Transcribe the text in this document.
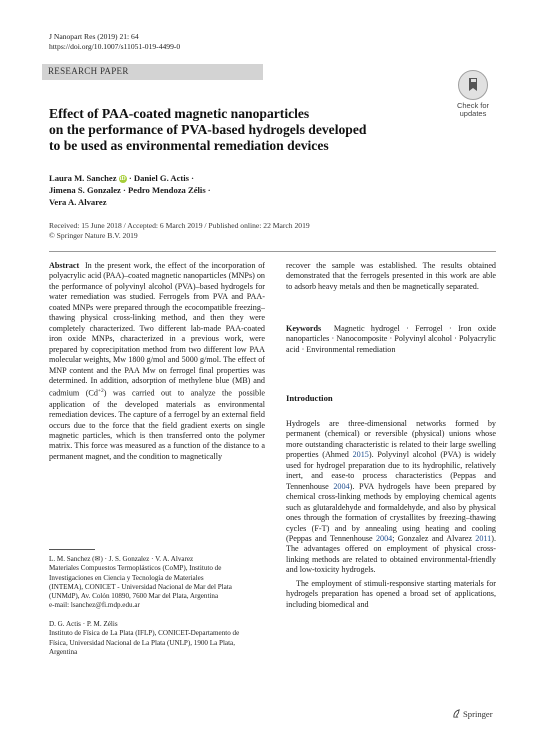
J Nanopart Res (2019) 21: 64
https://doi.org/10.1007/s11051-019-4499-0
RESEARCH PAPER
Check for
updates
Effect of PAA-coated magnetic nanoparticles
on the performance of PVA-based hydrogels developed
to be used as environmental remediation devices
Laura M. Sanchez iD · Daniel G. Actis ·
Jimena S. Gonzalez · Pedro Mendoza Zélis ·
Vera A. Alvarez
Received: 15 June 2018 / Accepted: 6 March 2019 / Published online: 22 March 2019
© Springer Nature B.V. 2019
Abstract In the present work, the effect of the incorporation of polyacrylic acid (PAA)–coated magnetic nanoparticles (MNPs) on the performance of polyvinyl alcohol (PVA)–based hydrogels for water remediation was studied. Ferrogels from PVA and PAA-coated MNPs were prepared through the ecocompatible freezing–thawing physical cross-linking method, and then they were completely characterized. Two different lab-made PAA-coated iron oxide MNPs, characterized in a previous work, were prepared by coprecipitation method from two different low PAA molecular weights, Mw 1800 g/mol and 5000 g/mol. The effect of MNP content and the PAA Mw on ferrogel final properties was determined. In addition, adsorption of methylene blue (MB) and cadmium $(Cd^{+2})$ was carried out to analyze the possible application of the developed materials as environmental remediation devices. The capture of a ferrogel by an external field occurs due to the force that the field gradient exerts on single magnetic particles, which is then transferred onto the polymer matrix. This force was measured as a function of the distance to a permanent magnet, and the condition to magnetically
L. M. Sanchez (✉) · J. S. Gonzalez · V. A. Alvarez
Materiales Compuestos Termoplásticos (CoMP), Instituto de
Investigaciones en Ciencia y Tecnología de Materiales
(INTEMA), CONICET - Universidad Nacional de Mar del Plata
(UNMdP), Av. Colón 10890, 7600 Mar del Plata, Argentina
e-mail: lsanchez@fi.mdp.edu.ar
D. G. Actis · P. M. Zélis
Instituto de Física de La Plata (IFLP), CONICET-Departamento de
Física, Universidad Nacional de La Plata (UNLP), 1900 La Plata,
Argentina
recover the sample was established. The results obtained demonstrated that the ferrogels presented in this work are able to adsorb heavy metals and then be magnetically separated.
Keywords Magnetic hydrogel · Ferrogel · Iron oxide nanoparticles · Nanocomposite · Polyvinyl alcohol · Polyacrylic acid · Environmental remediation
Introduction
Hydrogels are three-dimensional networks formed by permanent (chemical) or reversible (physical) unions whose more outstanding characteristic is related to their large swelling properties (Ahmed 2015). Polyvinyl alcohol (PVA) is widely used for hydrogel preparation due to its hydrophilic, relatively inert, and ease-to process characteristics (Peppas and Tennenhouse 2004). PVA hydrogels have been prepared by chemical cross-linking methods by employing chemical agents such as glutaraldehyde and formaldehyde, and also by physical ones through the formation of crystallites by freezing–thawing cycles (F-T) and by annealing using heating and cooling (Peppas and Tennenhouse 2004; Gonzalez and Alvarez 2011). The advantages offered on employment of physical cross-linking methods are related to obtained environmental-friendly and low-toxicity hydrogels.
The employment of stimuli-responsive starting materials for hydrogels preparation has opened a broad set of applications, including biomedical and
Springer
